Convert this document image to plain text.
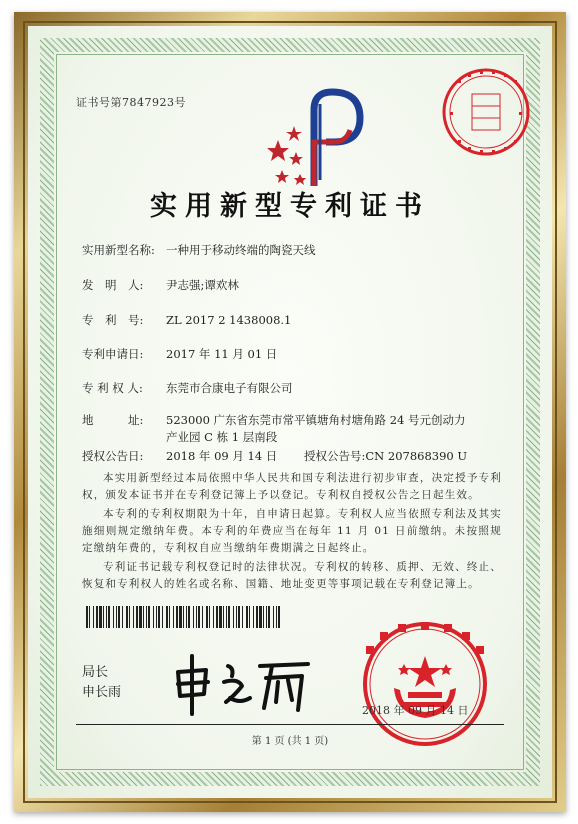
证书号第7847923号
实用新型专利证书
实用新型名称: 一种用于移动终端的陶瓷天线
发　明　人: 尹志强;谭欢林
专　利　号: ZL 2017 2 1438008.1
专利申请日: 2017 年 11 月 01 日
专 利 权 人: 东莞市合康电子有限公司
地　　　址: 523000 广东省东莞市常平镇塘角村塘角路 24 号元创动力
产业园 C 栋 1 层南段
授权公告日: 2018 年 09 月 14 日 授权公告号:CN 207868390 U
本实用新型经过本局依照中华人民共和国专利法进行初步审查，决定授予专利权，颁发本证书并在专利登记簿上予以登记。专利权自授权公告之日起生效。
本专利的专利权期限为十年，自申请日起算。专利权人应当依照专利法及其实施细则规定缴纳年费。本专利的年费应当在每年 11 月 01 日前缴纳。未按照规定缴纳年费的，专利权自应当缴纳年费期满之日起终止。
专利证书记载专利权登记时的法律状况。专利权的转移、质押、无效、终止、恢复和专利权人的姓名或名称、国籍、地址变更等事项记载在专利登记簿上。
局长
申长雨
2018 年 09 月 14 日
第 1 页 (共 1 页)
